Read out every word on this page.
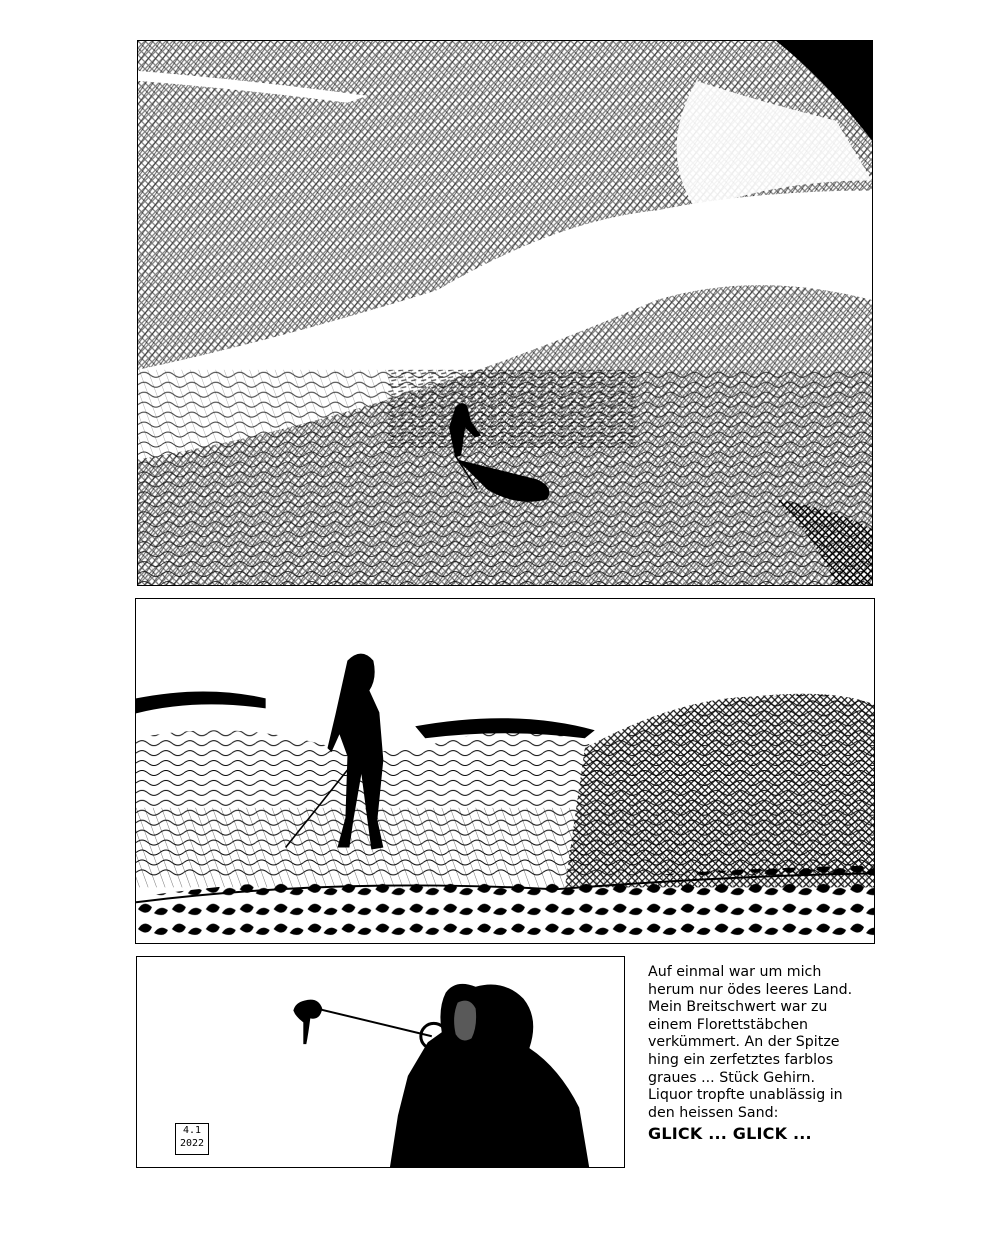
4.1
2022
Auf einmal war um mich
herum nur ödes leeres Land.
Mein Breitschwert war zu
einem Florettstäbchen
verkümmert. An der Spitze
hing ein zerfetztes farblos
graues ... Stück Gehirn.
Liquor tropfte unablässig in
den heissen Sand:
GLICK ... GLICK ...
